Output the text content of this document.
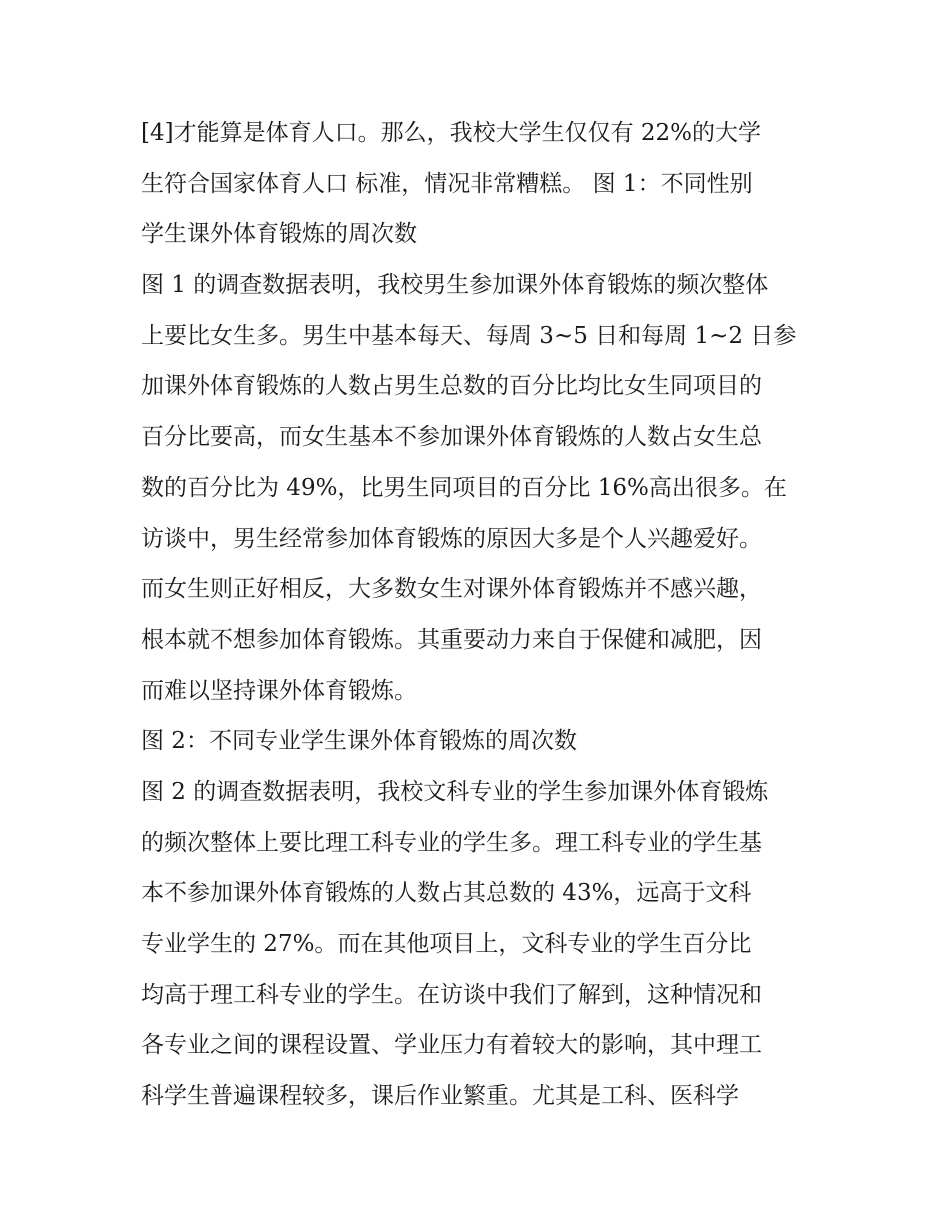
[4]才能算是体育人口。那么，我校大学生仅仅有 22%的大学
生符合国家体育人口 标准，情况非常糟糕。 图 1：不同性别
学生课外体育锻炼的周次数
图 1 的调查数据表明，我校男生参加课外体育锻炼的频次整体
上要比女生多。男生中基本每天、每周 3~5 日和每周 1~2 日参
加课外体育锻炼的人数占男生总数的百分比均比女生同项目的
百分比要高，而女生基本不参加课外体育锻炼的人数占女生总
数的百分比为 49%，比男生同项目的百分比 16%高出很多。在
访谈中，男生经常参加体育锻炼的原因大多是个人兴趣爱好。
而女生则正好相反，大多数女生对课外体育锻炼并不感兴趣，
根本就不想参加体育锻炼。其重要动力来自于保健和减肥，因
而难以坚持课外体育锻炼。
图 2：不同专业学生课外体育锻炼的周次数
图 2 的调查数据表明，我校文科专业的学生参加课外体育锻炼
的频次整体上要比理工科专业的学生多。理工科专业的学生基
本不参加课外体育锻炼的人数占其总数的 43%，远高于文科
专业学生的 27%。而在其他项目上，文科专业的学生百分比
均高于理工科专业的学生。在访谈中我们了解到，这种情况和
各专业之间的课程设置、学业压力有着较大的影响，其中理工
科学生普遍课程较多，课后作业繁重。尤其是工科、医科学
